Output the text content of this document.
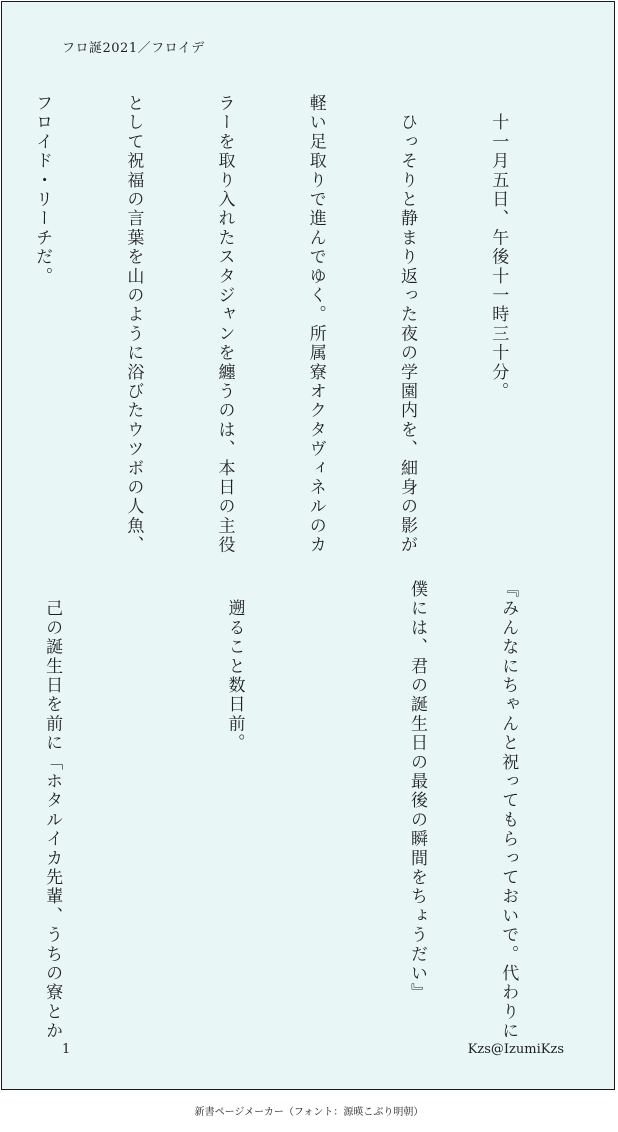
フロ誕2021／フロイデ

　十一月五日、午後十一時三十分。

　ひっそりと静まり返った夜の学園内を、細身の影が

軽い足取りで進んでゆく。所属寮オクタヴィネルのカ

ラーを取り入れたスタジャンを纏うのは、本日の主役

として祝福の言葉を山のように浴びたウツボの人魚、

フロイド・リーチだ。

『みんなにちゃんと祝ってもらっておいで。代わりに

僕には、君の誕生日の最後の瞬間をちょうだい』

　遡ること数日前。

　己の誕生日を前に「ホタルイカ先輩、うちの寮とか

1	Kzs@IzumiKzs
新書ページメーカー（フォント：源暎こぶり明朝）
